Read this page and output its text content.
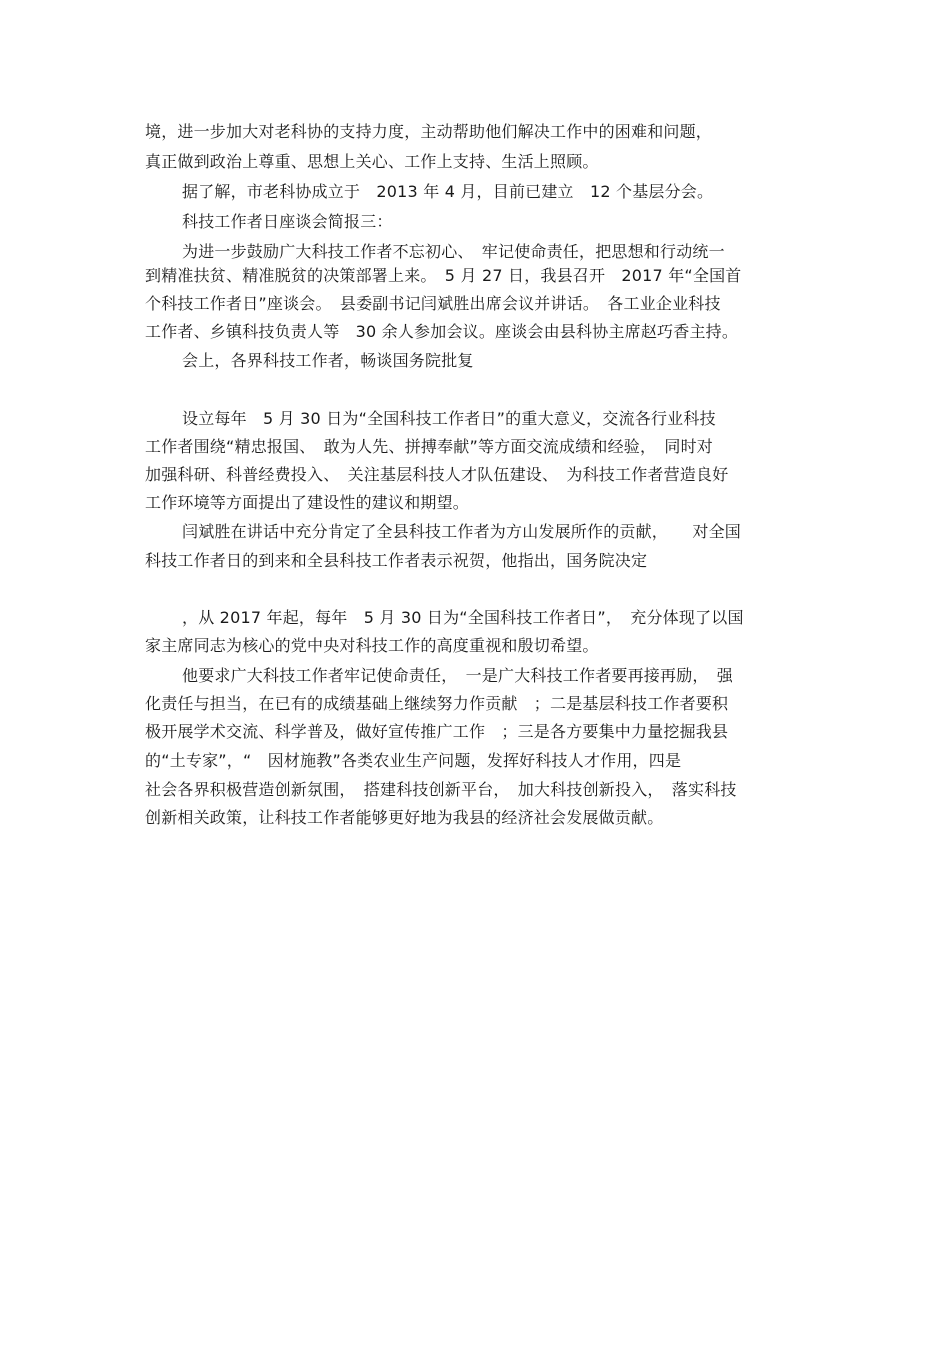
境，进一步加大对老科协的支持力度，主动帮助他们解决工作中的困难和问题，
真正做到政治上尊重、思想上关心、工作上支持、生活上照顾。
据了解，市老科协成立于　2013 年 4 月，目前已建立　12 个基层分会。
科技工作者日座谈会简报三：
为进一步鼓励广大科技工作者不忘初心、　牢记使命责任，把思想和行动统一
到精准扶贫、精准脱贫的决策部署上来。　5 月 27 日，我县召开　2017 年“全国首
个科技工作者日”座谈会。　县委副书记闫斌胜出席会议并讲话。　各工业企业科技
工作者、乡镇科技负责人等　30 余人参加会议。座谈会由县科协主席赵巧香主持。
会上，各界科技工作者，畅谈国务院批复
设立每年　5 月 30 日为“全国科技工作者日”的重大意义，交流各行业科技
工作者围绕“精忠报国、　敢为人先、拼搏奉献”等方面交流成绩和经验，　同时对
加强科研、科普经费投入、　关注基层科技人才队伍建设、　为科技工作者营造良好
工作环境等方面提出了建设性的建议和期望。
闫斌胜在讲话中充分肯定了全县科技工作者为方山发展所作的贡献，　　对全国
科技工作者日的到来和全县科技工作者表示祝贺，他指出，国务院决定
，从 2017 年起，每年　5 月 30 日为“全国科技工作者日”，　充分体现了以国
家主席同志为核心的党中央对科技工作的高度重视和殷切希望。
他要求广大科技工作者牢记使命责任，　一是广大科技工作者要再接再励，　强
化责任与担当，在已有的成绩基础上继续努力作贡献　；二是基层科技工作者要积
极开展学术交流、科学普及，做好宣传推广工作　；三是各方要集中力量挖掘我县
的“土专家”，“　因材施教”各类农业生产问题，发挥好科技人才作用，四是
社会各界积极营造创新氛围，　搭建科技创新平台，　加大科技创新投入，　落实科技
创新相关政策，让科技工作者能够更好地为我县的经济社会发展做贡献。
